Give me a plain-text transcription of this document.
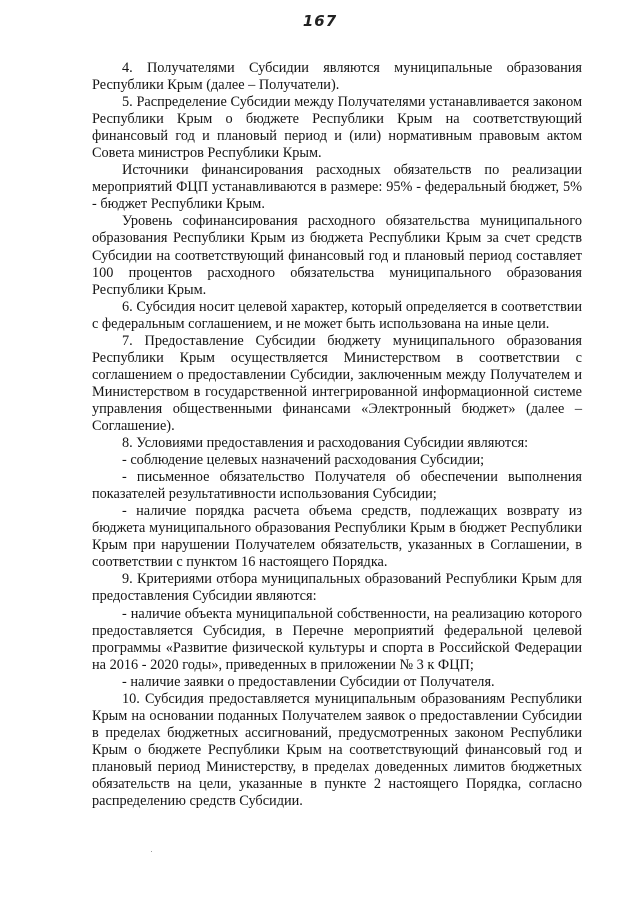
167

4. Получателями Субсидии являются муниципальные образования Республики Крым (далее – Получатели).

5. Распределение Субсидии между Получателями устанавливается законом Республики Крым о бюджете Республики Крым на соответствующий финансовый год и плановый период и (или) нормативным правовым актом Совета министров Республики Крым.

Источники финансирования расходных обязательств по реализации мероприятий ФЦП устанавливаются в размере: 95% - федеральный бюджет, 5% - бюджет Республики Крым.

Уровень софинансирования расходного обязательства муниципального образования Республики Крым из бюджета Республики Крым за счет средств Субсидии на соответствующий финансовый год и плановый период составляет 100 процентов расходного обязательства муниципального образования Республики Крым.

6. Субсидия носит целевой характер, который определяется в соответствии с федеральным соглашением, и не может быть использована на иные цели.

7. Предоставление Субсидии бюджету муниципального образования Республики Крым осуществляется Министерством в соответствии с соглашением о предоставлении Субсидии, заключенным между Получателем и Министерством в государственной интегрированной информационной системе управления общественными финансами «Электронный бюджет» (далее – Соглашение).

8. Условиями предоставления и расходования Субсидии являются:

- соблюдение целевых назначений расходования Субсидии;

- письменное обязательство Получателя об обеспечении выполнения показателей результативности использования Субсидии;

- наличие порядка расчета объема средств, подлежащих возврату из бюджета муниципального образования Республики Крым в бюджет Республики Крым при нарушении Получателем обязательств, указанных в Соглашении, в соответствии с пунктом 16 настоящего Порядка.

9. Критериями отбора муниципальных образований Республики Крым для предоставления Субсидии являются:

- наличие объекта муниципальной собственности, на реализацию которого предоставляется Субсидия, в Перечне мероприятий федеральной целевой программы «Развитие физической культуры и спорта в Российской Федерации на 2016 - 2020 годы», приведенных в приложении № 3 к ФЦП;

- наличие заявки о предоставлении Субсидии от Получателя.

10. Субсидия предоставляется муниципальным образованиям Республики Крым на основании поданных Получателем заявок о предоставлении Субсидии в пределах бюджетных ассигнований, предусмотренных законом Республики Крым о бюджете Республики Крым на соответствующий финансовый год и плановый период Министерству, в пределах доведенных лимитов бюджетных обязательств на цели, указанные в пункте 2 настоящего Порядка, согласно распределению средств Субсидии.
